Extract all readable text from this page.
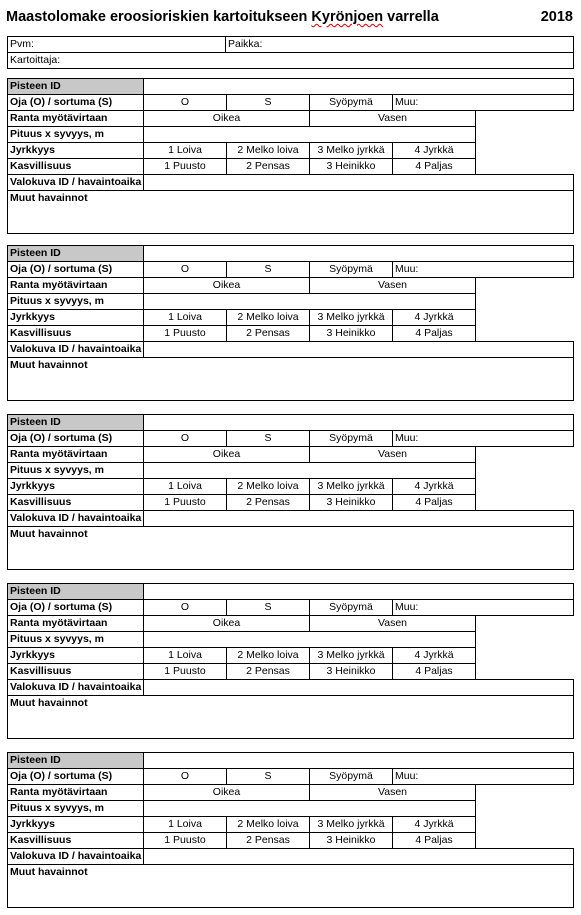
Maastolomake eroosioriskien kartoitukseen Kyrönjoen varrella	2018
Pvm:	Paikka:
Kartoittaja:
Pisteen ID					
Oja (O) / sortuma (S)	O	S	Syöpymä	Muu:	
Ranta myötävirtaan	Oikea		Vasen		
Pituus x syvyys, m					
Jyrkkyys	1 Loiva	2 Melko loiva	3 Melko jyrkkä	4 Jyrkkä	
Kasvillisuus	1 Puusto	2 Pensas	3 Heinikko	4 Paljas	
Valokuva ID / havaintoaika					
Muut havainnot					
Pisteen ID					
Oja (O) / sortuma (S)	O	S	Syöpymä	Muu:	
Ranta myötävirtaan	Oikea		Vasen		
Pituus x syvyys, m					
Jyrkkyys	1 Loiva	2 Melko loiva	3 Melko jyrkkä	4 Jyrkkä	
Kasvillisuus	1 Puusto	2 Pensas	3 Heinikko	4 Paljas	
Valokuva ID / havaintoaika					
Muut havainnot					
Pisteen ID					
Oja (O) / sortuma (S)	O	S	Syöpymä	Muu:	
Ranta myötävirtaan	Oikea		Vasen		
Pituus x syvyys, m					
Jyrkkyys	1 Loiva	2 Melko loiva	3 Melko jyrkkä	4 Jyrkkä	
Kasvillisuus	1 Puusto	2 Pensas	3 Heinikko	4 Paljas	
Valokuva ID / havaintoaika					
Muut havainnot					
Pisteen ID					
Oja (O) / sortuma (S)	O	S	Syöpymä	Muu:	
Ranta myötävirtaan	Oikea		Vasen		
Pituus x syvyys, m					
Jyrkkyys	1 Loiva	2 Melko loiva	3 Melko jyrkkä	4 Jyrkkä	
Kasvillisuus	1 Puusto	2 Pensas	3 Heinikko	4 Paljas	
Valokuva ID / havaintoaika					
Muut havainnot					
Pisteen ID					
Oja (O) / sortuma (S)	O	S	Syöpymä	Muu:	
Ranta myötävirtaan	Oikea		Vasen		
Pituus x syvyys, m					
Jyrkkyys	1 Loiva	2 Melko loiva	3 Melko jyrkkä	4 Jyrkkä	
Kasvillisuus	1 Puusto	2 Pensas	3 Heinikko	4 Paljas	
Valokuva ID / havaintoaika					
Muut havainnot					
